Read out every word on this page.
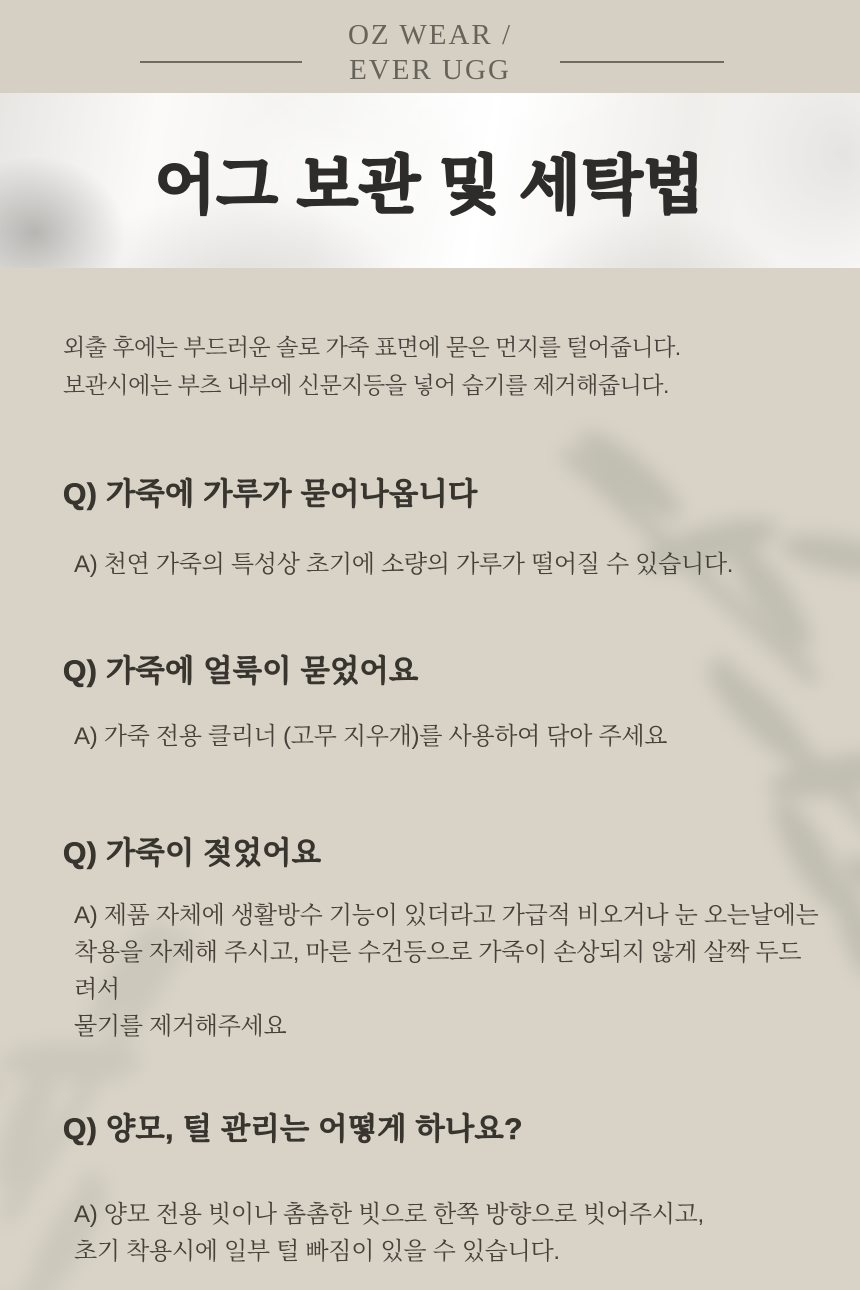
OZ WEAR /
EVER UGG
어그 보관 및 세탁법

외출 후에는 부드러운 솔로 가죽 표면에 묻은 먼지를 털어줍니다.
보관시에는 부츠 내부에 신문지등을 넣어 습기를 제거해줍니다.

Q) 가죽에 가루가 묻어나옵니다
A) 천연 가죽의 특성상 초기에 소량의 가루가 떨어질 수 있습니다.
Q) 가죽에 얼룩이 묻었어요
A) 가죽 전용 클리너 (고무 지우개)를 사용하여 닦아 주세요
Q) 가죽이 젖었어요
A) 제품 자체에 생활방수 기능이 있더라고 가급적 비오거나 눈 오는날에는
착용을 자제해 주시고, 마른 수건등으로 가죽이 손상되지 않게 살짝 두드려서
물기를 제거해주세요
Q) 양모, 털 관리는 어떻게 하나요?
A) 양모 전용 빗이나 촘촘한 빗으로 한쪽 방향으로 빗어주시고,
초기 착용시에 일부 털 빠짐이 있을 수 있습니다.
